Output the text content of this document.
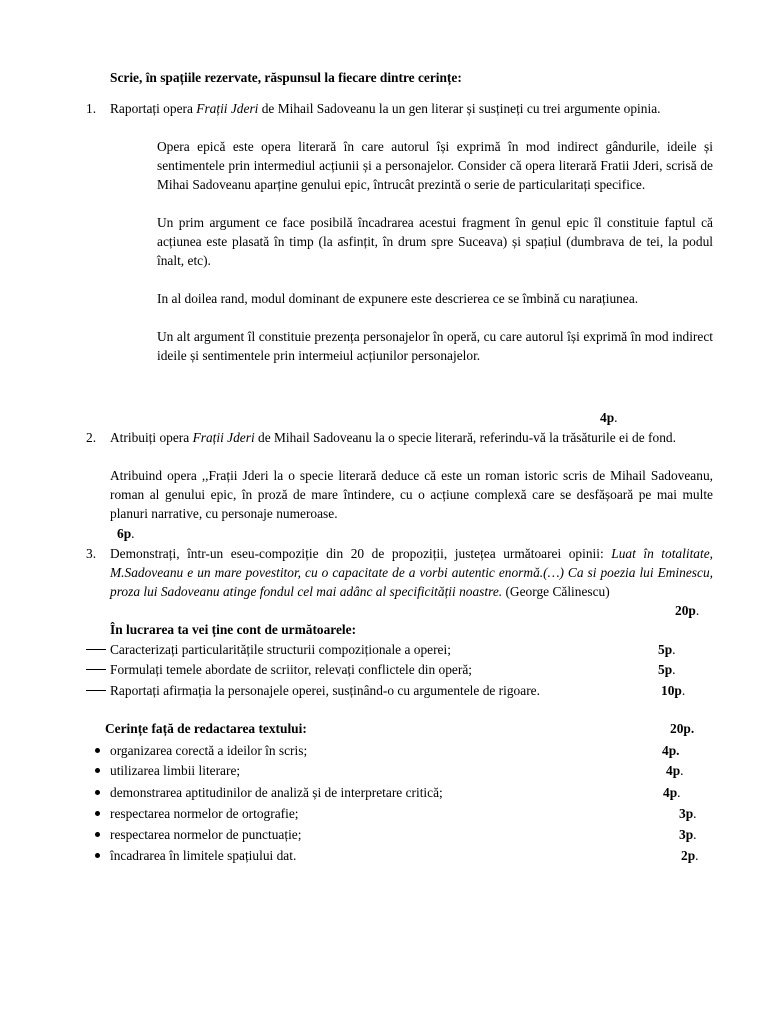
Scrie, în spațiile rezervate, răspunsul la fiecare dintre cerințe:
1.	Raportați opera Frații Jderi de Mihail Sadoveanu la un gen literar și susțineți cu trei argumente opinia.

Opera epică este opera literară în care autorul își exprimă în mod indirect gândurile, ideile și sentimentele prin intermediul acțiunii și a personajelor. Consider că opera literară Fratii Jderi, scrisă de Mihai Sadoveanu aparține genului epic, întrucât prezintă o serie de particularitați specifice.

Un prim argument ce face posibilă încadrarea acestui fragment în genul epic îl constituie faptul că acțiunea este plasată în timp (la asfințit, în drum spre Suceava) și spațiul (dumbrava de tei, la podul înalt, etc).

In al doilea rand, modul dominant de expunere este descrierea ce se îmbină cu narațiunea.

Un alt argument îl constituie prezența personajelor în operă, cu care autorul își exprimă în mod indirect ideile și sentimentele prin intermeiul acțiunilor personajelor.

4p.
2.	Atribuiți opera Frații Jderi de Mihail Sadoveanu la o specie literară, referindu-vă la trăsăturile ei de fond.
Atribuind opera ,,Frații Jderi la o specie literară deduce că este un roman istoric scris de Mihail Sadoveanu, roman al genului epic, în proză de mare întindere, cu o acțiune complexă care se desfășoară pe mai multe planuri narrative, cu personaje numeroase.
6p.
3.	Demonstrați, într-un eseu-compoziție din 20 de propoziții, justețea următoarei opinii: Luat în totalitate, M.Sadoveanu e un mare povestitor, cu o capacitate de a vorbi autentic enormă.(…) Ca si poezia lui Eminescu, proza lui Sadoveanu atinge fondul cel mai adânc al specificității noastre. (George Călinescu)
20p.
În lucrarea ta vei ține cont de următoarele:
Caracterizați particularitățile structurii compoziționale a operei;	5p.
Formulați temele abordate de scriitor, relevați conflictele din operă;	5p.
Raportați afirmația la personajele operei, susținând-o cu argumentele de rigoare.	10p.
Cerințe față de redactarea textului:	20p.
organizarea corectă a ideilor în scris;	4p.
utilizarea limbii literare;	4p.
demonstrarea aptitudinilor de analiză și de interpretare critică;	4p.
respectarea normelor de ortografie;	3p.
respectarea normelor de punctuație;	3p.
încadrarea în limitele spațiului dat.	2p.
